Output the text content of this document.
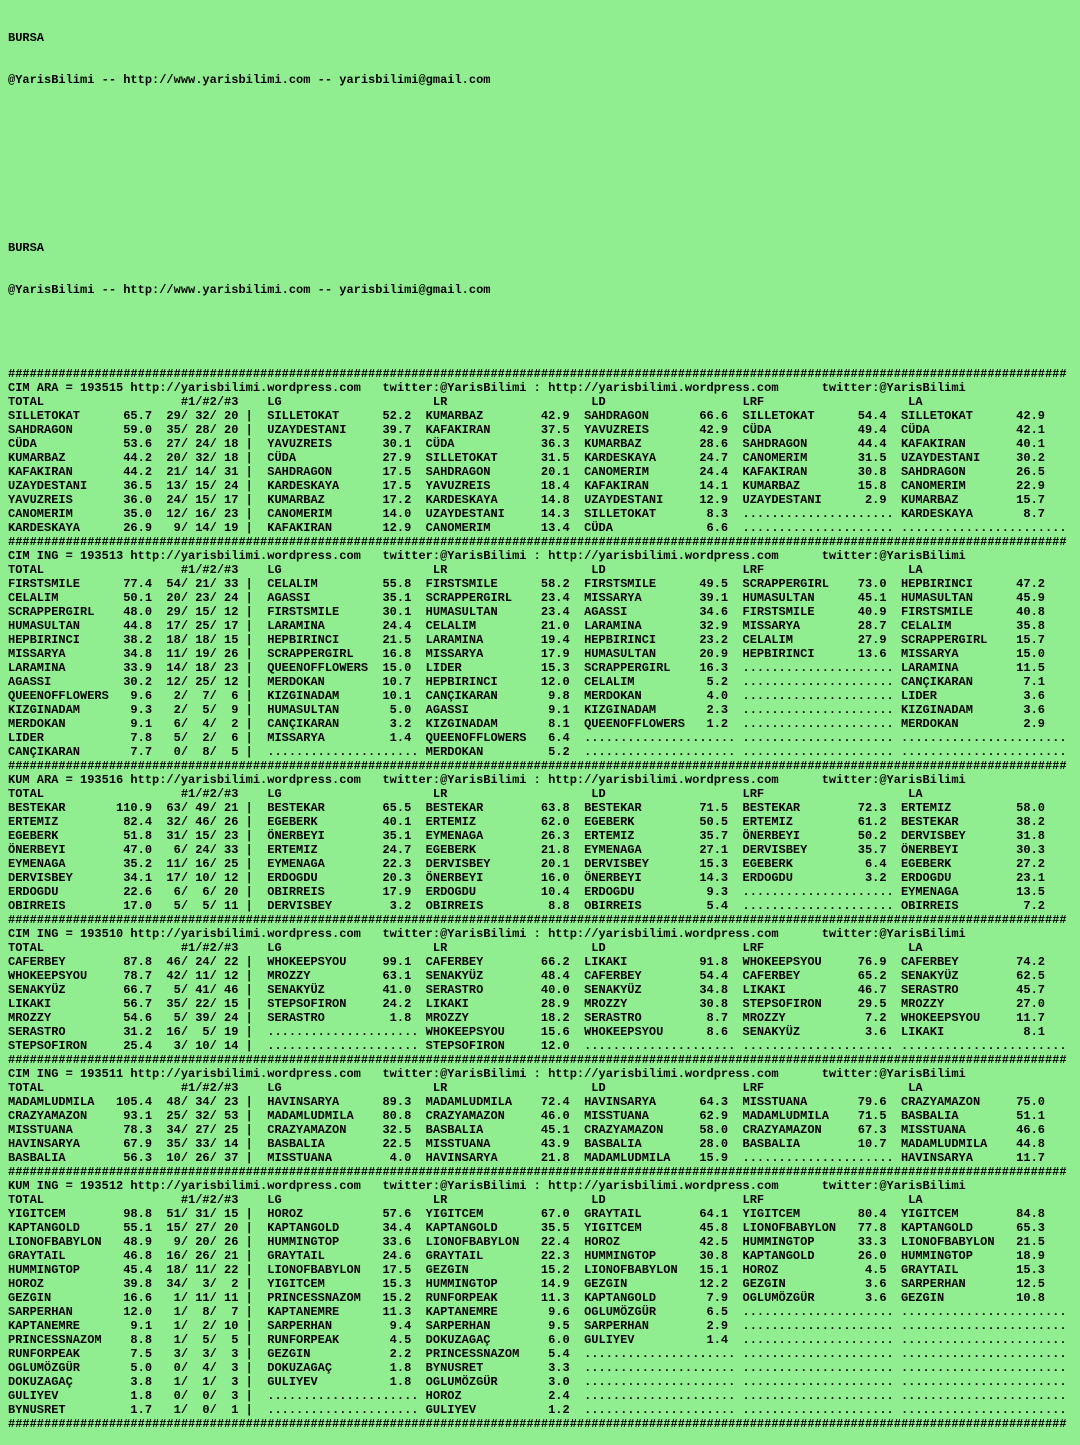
BURSA

@YarisBilimi -- http://www.yarisbilimi.com -- yarisbilimi@gmail.com

BURSA

@YarisBilimi -- http://www.yarisbilimi.com -- yarisbilimi@gmail.com

###################################################################################################################################################
CIM ARA = 193515 http://yarisbilimi.wordpress.com   twitter:@YarisBilimi : http://yarisbilimi.wordpress.com      twitter:@YarisBilimi
TOTAL                   #1/#2/#3    LG                     LR                    LD                   LRF                    LA
SILLETOKAT      65.7  29/ 32/ 20 |  SILLETOKAT      52.2  KUMARBAZ        42.9  SAHDRAGON       66.6  SILLETOKAT      54.4  SILLETOKAT      42.9
SAHDRAGON       59.0  35/ 28/ 20 |  UZAYDESTANI     39.7  KAFAKIRAN       37.5  YAVUZREIS       42.9  CÜDA            49.4  CÜDA            42.1
CÜDA            53.6  27/ 24/ 18 |  YAVUZREIS       30.1  CÜDA            36.3  KUMARBAZ        28.6  SAHDRAGON       44.4  KAFAKIRAN       40.1
KUMARBAZ        44.2  20/ 32/ 18 |  CÜDA            27.9  SILLETOKAT      31.5  KARDESKAYA      24.7  CANOMERIM       31.5  UZAYDESTANI     30.2
KAFAKIRAN       44.2  21/ 14/ 31 |  SAHDRAGON       17.5  SAHDRAGON       20.1  CANOMERIM       24.4  KAFAKIRAN       30.8  SAHDRAGON       26.5
UZAYDESTANI     36.5  13/ 15/ 24 |  KARDESKAYA      17.5  YAVUZREIS       18.4  KAFAKIRAN       14.1  KUMARBAZ        15.8  CANOMERIM       22.9
YAVUZREIS       36.0  24/ 15/ 17 |  KUMARBAZ        17.2  KARDESKAYA      14.8  UZAYDESTANI     12.9  UZAYDESTANI      2.9  KUMARBAZ        15.7
CANOMERIM       35.0  12/ 16/ 23 |  CANOMERIM       14.0  UZAYDESTANI     14.3  SILLETOKAT       8.3  ..................... KARDESKAYA       8.7
KARDESKAYA      26.9   9/ 14/ 19 |  KAFAKIRAN       12.9  CANOMERIM       13.4  CÜDA             6.6  ..................... .......................
###################################################################################################################################################
CIM ING = 193513 http://yarisbilimi.wordpress.com   twitter:@YarisBilimi : http://yarisbilimi.wordpress.com      twitter:@YarisBilimi
TOTAL                   #1/#2/#3    LG                     LR                    LD                   LRF                    LA
FIRSTSMILE      77.4  54/ 21/ 33 |  CELALIM         55.8  FIRSTSMILE      58.2  FIRSTSMILE      49.5  SCRAPPERGIRL    73.0  HEPBIRINCI      47.2
CELALIM         50.1  20/ 23/ 24 |  AGASSI          35.1  SCRAPPERGIRL    23.4  MISSARYA        39.1  HUMASULTAN      45.1  HUMASULTAN      45.9
SCRAPPERGIRL    48.0  29/ 15/ 12 |  FIRSTSMILE      30.1  HUMASULTAN      23.4  AGASSI          34.6  FIRSTSMILE      40.9  FIRSTSMILE      40.8
HUMASULTAN      44.8  17/ 25/ 17 |  LARAMINA        24.4  CELALIM         21.0  LARAMINA        32.9  MISSARYA        28.7  CELALIM         35.8
HEPBIRINCI      38.2  18/ 18/ 15 |  HEPBIRINCI      21.5  LARAMINA        19.4  HEPBIRINCI      23.2  CELALIM         27.9  SCRAPPERGIRL    15.7
MISSARYA        34.8  11/ 19/ 26 |  SCRAPPERGIRL    16.8  MISSARYA        17.9  HUMASULTAN      20.9  HEPBIRINCI      13.6  MISSARYA        15.0
LARAMINA        33.9  14/ 18/ 23 |  QUEENOFFLOWERS  15.0  LIDER           15.3  SCRAPPERGIRL    16.3  ..................... LARAMINA        11.5
AGASSI          30.2  12/ 25/ 12 |  MERDOKAN        10.7  HEPBIRINCI      12.0  CELALIM          5.2  ..................... CANÇIKARAN       7.1
QUEENOFFLOWERS   9.6   2/  7/  6 |  KIZGINADAM      10.1  CANÇIKARAN       9.8  MERDOKAN         4.0  ..................... LIDER            3.6
KIZGINADAM       9.3   2/  5/  9 |  HUMASULTAN       5.0  AGASSI           9.1  KIZGINADAM       2.3  ..................... KIZGINADAM       3.6
MERDOKAN         9.1   6/  4/  2 |  CANÇIKARAN       3.2  KIZGINADAM       8.1  QUEENOFFLOWERS   1.2  ..................... MERDOKAN         2.9
LIDER            7.8   5/  2/  6 |  MISSARYA         1.4  QUEENOFFLOWERS   6.4  ..................... ..................... .......................
CANÇIKARAN       7.7   0/  8/  5 |  ..................... MERDOKAN         5.2  ..................... ..................... .......................
###################################################################################################################################################
KUM ARA = 193516 http://yarisbilimi.wordpress.com   twitter:@YarisBilimi : http://yarisbilimi.wordpress.com      twitter:@YarisBilimi
TOTAL                   #1/#2/#3    LG                     LR                    LD                   LRF                    LA
BESTEKAR       110.9  63/ 49/ 21 |  BESTEKAR        65.5  BESTEKAR        63.8  BESTEKAR        71.5  BESTEKAR        72.3  ERTEMIZ         58.0
ERTEMIZ         82.4  32/ 46/ 26 |  EGEBERK         40.1  ERTEMIZ         62.0  EGEBERK         50.5  ERTEMIZ         61.2  BESTEKAR        38.2
EGEBERK         51.8  31/ 15/ 23 |  ÖNERBEYI        35.1  EYMENAGA        26.3  ERTEMIZ         35.7  ÖNERBEYI        50.2  DERVISBEY       31.8
ÖNERBEYI        47.0   6/ 24/ 33 |  ERTEMIZ         24.7  EGEBERK         21.8  EYMENAGA        27.1  DERVISBEY       35.7  ÖNERBEYI        30.3
EYMENAGA        35.2  11/ 16/ 25 |  EYMENAGA        22.3  DERVISBEY       20.1  DERVISBEY       15.3  EGEBERK          6.4  EGEBERK         27.2
DERVISBEY       34.1  17/ 10/ 12 |  ERDOGDU         20.3  ÖNERBEYI        16.0  ÖNERBEYI        14.3  ERDOGDU          3.2  ERDOGDU         23.1
ERDOGDU         22.6   6/  6/ 20 |  OBIRREIS        17.9  ERDOGDU         10.4  ERDOGDU          9.3  ..................... EYMENAGA        13.5
OBIRREIS        17.0   5/  5/ 11 |  DERVISBEY        3.2  OBIRREIS         8.8  OBIRREIS         5.4  ..................... OBIRREIS         7.2
###################################################################################################################################################
CIM ING = 193510 http://yarisbilimi.wordpress.com   twitter:@YarisBilimi : http://yarisbilimi.wordpress.com      twitter:@YarisBilimi
TOTAL                   #1/#2/#3    LG                     LR                    LD                   LRF                    LA
CAFERBEY        87.8  46/ 24/ 22 |  WHOKEEPSYOU     99.1  CAFERBEY        66.2  LIKAKI          91.8  WHOKEEPSYOU     76.9  CAFERBEY        74.2
WHOKEEPSYOU     78.7  42/ 11/ 12 |  MROZZY          63.1  SENAKYÜZ        48.4  CAFERBEY        54.4  CAFERBEY        65.2  SENAKYÜZ        62.5
SENAKYÜZ        66.7   5/ 41/ 46 |  SENAKYÜZ        41.0  SERASTRO        40.0  SENAKYÜZ        34.8  LIKAKI          46.7  SERASTRO        45.7
LIKAKI          56.7  35/ 22/ 15 |  STEPSOFIRON     24.2  LIKAKI          28.9  MROZZY          30.8  STEPSOFIRON     29.5  MROZZY          27.0
MROZZY          54.6   5/ 39/ 24 |  SERASTRO         1.8  MROZZY          18.2  SERASTRO         8.7  MROZZY           7.2  WHOKEEPSYOU     11.7
SERASTRO        31.2  16/  5/ 19 |  ..................... WHOKEEPSYOU     15.6  WHOKEEPSYOU      8.6  SENAKYÜZ         3.6  LIKAKI           8.1
STEPSOFIRON     25.4   3/ 10/ 14 |  ..................... STEPSOFIRON     12.0  ..................... ..................... .......................
###################################################################################################################################################
CIM ING = 193511 http://yarisbilimi.wordpress.com   twitter:@YarisBilimi : http://yarisbilimi.wordpress.com      twitter:@YarisBilimi
TOTAL                   #1/#2/#3    LG                     LR                    LD                   LRF                    LA
MADAMLUDMILA   105.4  48/ 34/ 23 |  HAVINSARYA      89.3  MADAMLUDMILA    72.4  HAVINSARYA      64.3  MISSTUANA       79.6  CRAZYAMAZON     75.0
CRAZYAMAZON     93.1  25/ 32/ 53 |  MADAMLUDMILA    80.8  CRAZYAMAZON     46.0  MISSTUANA       62.9  MADAMLUDMILA    71.5  BASBALIA        51.1
MISSTUANA       78.3  34/ 27/ 25 |  CRAZYAMAZON     32.5  BASBALIA        45.1  CRAZYAMAZON     58.0  CRAZYAMAZON     67.3  MISSTUANA       46.6
HAVINSARYA      67.9  35/ 33/ 14 |  BASBALIA        22.5  MISSTUANA       43.9  BASBALIA        28.0  BASBALIA        10.7  MADAMLUDMILA    44.8
BASBALIA        56.3  10/ 26/ 37 |  MISSTUANA        4.0  HAVINSARYA      21.8  MADAMLUDMILA    15.9  ..................... HAVINSARYA      11.7
###################################################################################################################################################
KUM ING = 193512 http://yarisbilimi.wordpress.com   twitter:@YarisBilimi : http://yarisbilimi.wordpress.com      twitter:@YarisBilimi
TOTAL                   #1/#2/#3    LG                     LR                    LD                   LRF                    LA
YIGITCEM        98.8  51/ 31/ 15 |  HOROZ           57.6  YIGITCEM        67.0  GRAYTAIL        64.1  YIGITCEM        80.4  YIGITCEM        84.8
KAPTANGOLD      55.1  15/ 27/ 20 |  KAPTANGOLD      34.4  KAPTANGOLD      35.5  YIGITCEM        45.8  LIONOFBABYLON   77.8  KAPTANGOLD      65.3
LIONOFBABYLON   48.9   9/ 20/ 26 |  HUMMINGTOP      33.6  LIONOFBABYLON   22.4  HOROZ           42.5  HUMMINGTOP      33.3  LIONOFBABYLON   21.5
GRAYTAIL        46.8  16/ 26/ 21 |  GRAYTAIL        24.6  GRAYTAIL        22.3  HUMMINGTOP      30.8  KAPTANGOLD      26.0  HUMMINGTOP      18.9
HUMMINGTOP      45.4  18/ 11/ 22 |  LIONOFBABYLON   17.5  GEZGIN          15.2  LIONOFBABYLON   15.1  HOROZ            4.5  GRAYTAIL        15.3
HOROZ           39.8  34/  3/  2 |  YIGITCEM        15.3  HUMMINGTOP      14.9  GEZGIN          12.2  GEZGIN           3.6  SARPERHAN       12.5
GEZGIN          16.6   1/ 11/ 11 |  PRINCESSNAZOM   15.2  RUNFORPEAK      11.3  KAPTANGOLD       7.9  OGLUMÖZGÜR       3.6  GEZGIN          10.8
SARPERHAN       12.0   1/  8/  7 |  KAPTANEMRE      11.3  KAPTANEMRE       9.6  OGLUMÖZGÜR       6.5  ..................... .......................
KAPTANEMRE       9.1   1/  2/ 10 |  SARPERHAN        9.4  SARPERHAN        9.5  SARPERHAN        2.9  ..................... .......................
PRINCESSNAZOM    8.8   1/  5/  5 |  RUNFORPEAK       4.5  DOKUZAGAÇ        6.0  GULIYEV          1.4  ..................... .......................
RUNFORPEAK       7.5   3/  3/  3 |  GEZGIN           2.2  PRINCESSNAZOM    5.4  ..................... ..................... .......................
OGLUMÖZGÜR       5.0   0/  4/  3 |  DOKUZAGAÇ        1.8  BYNUSRET         3.3  ..................... ..................... .......................
DOKUZAGAÇ        3.8   1/  1/  3 |  GULIYEV          1.8  OGLUMÖZGÜR       3.0  ..................... ..................... .......................
GULIYEV          1.8   0/  0/  3 |  ..................... HOROZ            2.4  ..................... ..................... .......................
BYNUSRET         1.7   1/  0/  1 |  ..................... GULIYEV          1.2  ..................... ..................... .......................
###################################################################################################################################################
